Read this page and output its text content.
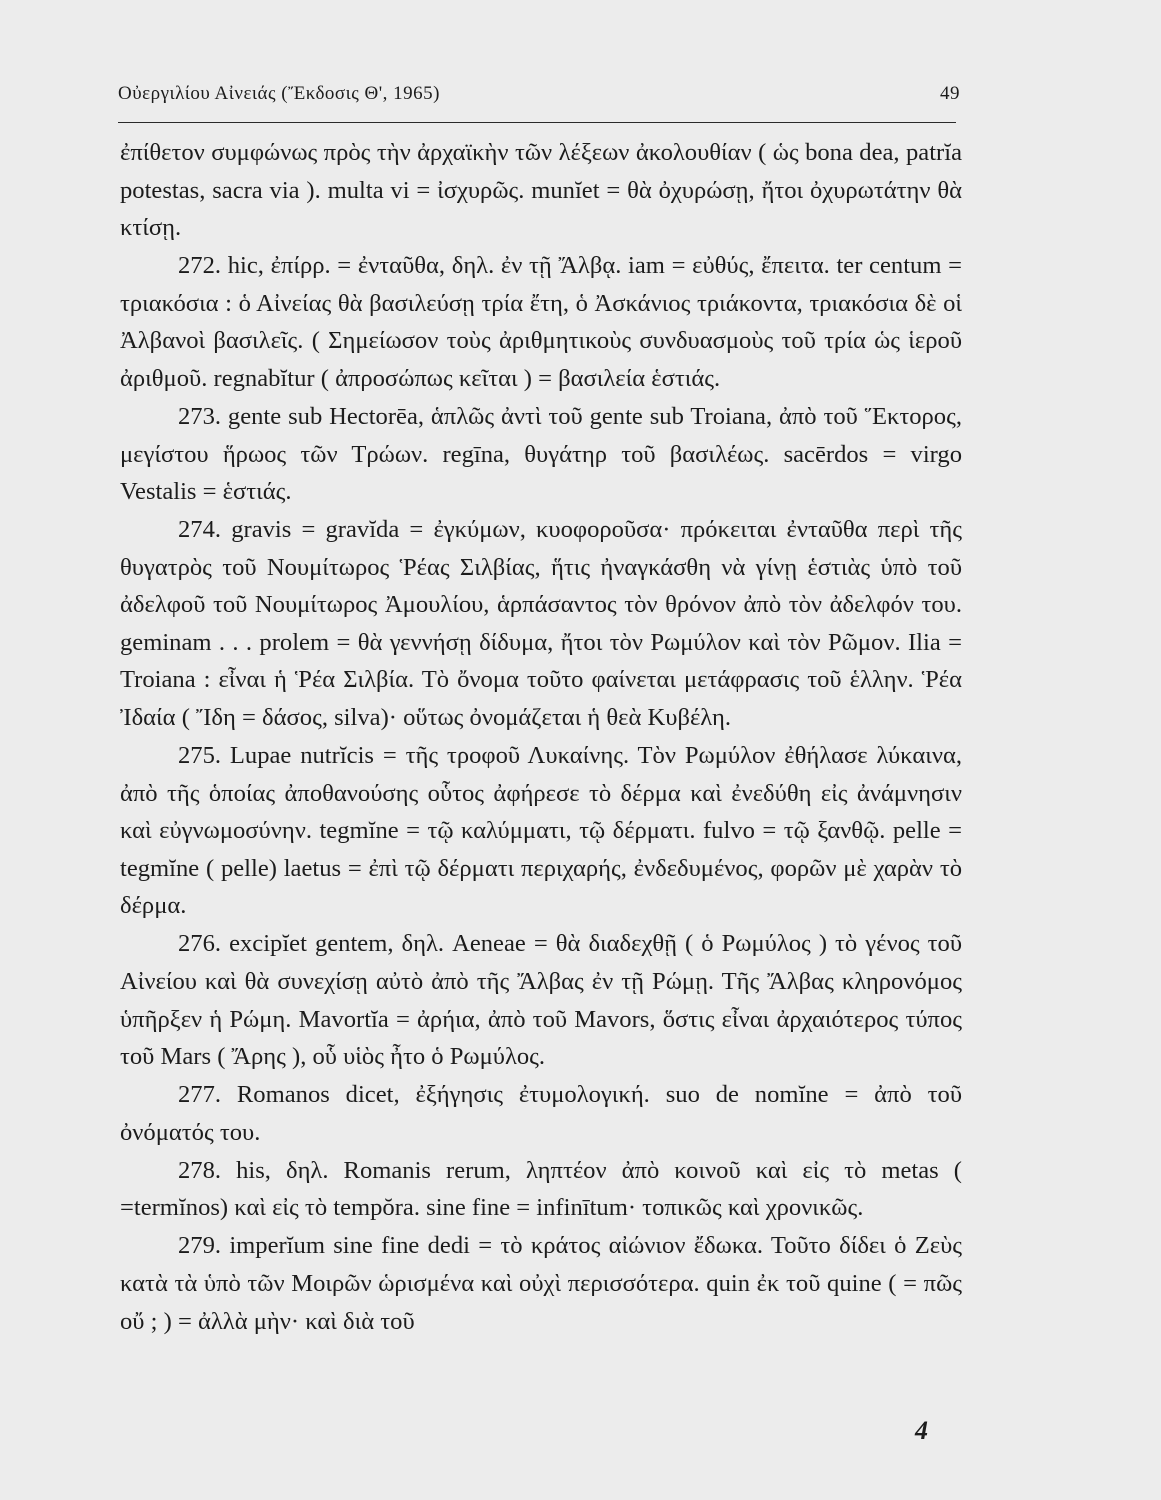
Οὐεργιλίου Αἰνειάς (Ἔκδοσις Θ', 1965)	49

ἐπίθετον συμφώνως πρὸς τὴν ἀρχαϊκὴν τῶν λέξεων ἀκολουθίαν ( ὡς bona dea, patrĭa potestas, sacra via ). multa vi = ἰσχυρῶς. munĭet = θὰ ὀχυρώσῃ, ἤτοι ὀχυρωτάτην θὰ κτίσῃ.

272. hic, ἐπίρρ. = ἐνταῦθα, δηλ. ἐν τῇ Ἄλβᾳ. iam = εὐθύς, ἔπειτα. ter centum = τριακόσια : ὁ Αἰνείας θὰ βασιλεύσῃ τρία ἔτη, ὁ Ἀσκάνιος τριάκοντα, τριακόσια δὲ οἱ Ἀλβανοὶ βασιλεῖς. ( Σημείωσον τοὺς ἀριθμητικοὺς συνδυασμοὺς τοῦ τρία ὡς ἱεροῦ ἀριθμοῦ. regnabĭtur ( ἀπροσώπως κεῖται ) = βασιλεία ἑστιάς.

273. gente sub Hectorēa, ἁπλῶς ἀντὶ τοῦ gente sub Troiana, ἀπὸ τοῦ Ἕκτορος, μεγίστου ἥρωος τῶν Τρώων. regīna, θυγάτηρ τοῦ βασιλέως. sacērdos = virgo Vestalis = ἑστιάς.

274. gravis = gravĭda = ἐγκύμων, κυοφοροῦσα· πρόκειται ἐνταῦθα περὶ τῆς θυγατρὸς τοῦ Νουμίτωρος Ῥέας Σιλβίας, ἥτις ἠναγκάσθη νὰ γίνῃ ἑστιὰς ὑπὸ τοῦ ἀδελφοῦ τοῦ Νουμίτωρος Ἀμουλίου, ἁρπάσαντος τὸν θρόνον ἀπὸ τὸν ἀδελφόν του. geminam . . . prolem = θὰ γεννήσῃ δίδυμα, ἤτοι τὸν Ρωμύλον καὶ τὸν Ρῶμον. Ilia = Troiana : εἶναι ἡ Ῥέα Σιλβία. Τὸ ὄνομα τοῦτο φαίνεται μετάφρασις τοῦ ἑλλην. Ῥέα Ἰδαία ( Ἴδη = δάσος, silva)· οὕτως ὀνομάζεται ἡ θεὰ Κυβέλη.

275. Lupae nutrĭcis = τῆς τροφοῦ Λυκαίνης. Τὸν Ρωμύλον ἐθήλασε λύκαινα, ἀπὸ τῆς ὁποίας ἀποθανούσης οὗτος ἀφήρεσε τὸ δέρμα καὶ ἐνεδύθη εἰς ἀνάμνησιν καὶ εὐγνωμοσύνην. tegmĭne = τῷ καλύμματι, τῷ δέρματι. fulvo = τῷ ξανθῷ. pelle = tegmĭne ( pelle) laetus = ἐπὶ τῷ δέρματι περιχαρής, ἐνδεδυμένος, φορῶν μὲ χαρὰν τὸ δέρμα.

276. excipĭet gentem, δηλ. Aeneae = θὰ διαδεχθῇ ( ὁ Ρωμύλος ) τὸ γένος τοῦ Αἰνείου καὶ θὰ συνεχίσῃ αὐτὸ ἀπὸ τῆς Ἄλβας ἐν τῇ Ρώμῃ. Τῆς Ἄλβας κληρονόμος ὑπῆρξεν ἡ Ρώμη. Mavortĭa = ἀρήια, ἀπὸ τοῦ Mavors, ὅστις εἶναι ἀρχαιότερος τύπος τοῦ Mars ( Ἄρης ), οὗ υἱὸς ἦτο ὁ Ρωμύλος.

277. Romanos dicet, ἐξήγησις ἐτυμολογική. suo de nomĭne = ἀπὸ τοῦ ὀνόματός του.

278. his, δηλ. Romanis rerum, ληπτέον ἀπὸ κοινοῦ καὶ εἰς τὸ metas ( =termĭnos) καὶ εἰς τὸ tempŏra. sine fine = infinītum· τοπικῶς καὶ χρονικῶς.

279. imperĭum sine fine dedi = τὸ κράτος αἰώνιον ἔδωκα. Τοῦτο δίδει ὁ Ζεὺς κατὰ τὰ ὑπὸ τῶν Μοιρῶν ὡρισμένα καὶ οὐχὶ περισσότερα. quin ἐκ τοῦ quine ( = πῶς οὔ ; ) = ἀλλὰ μὴν· καὶ διὰ τοῦ

4
